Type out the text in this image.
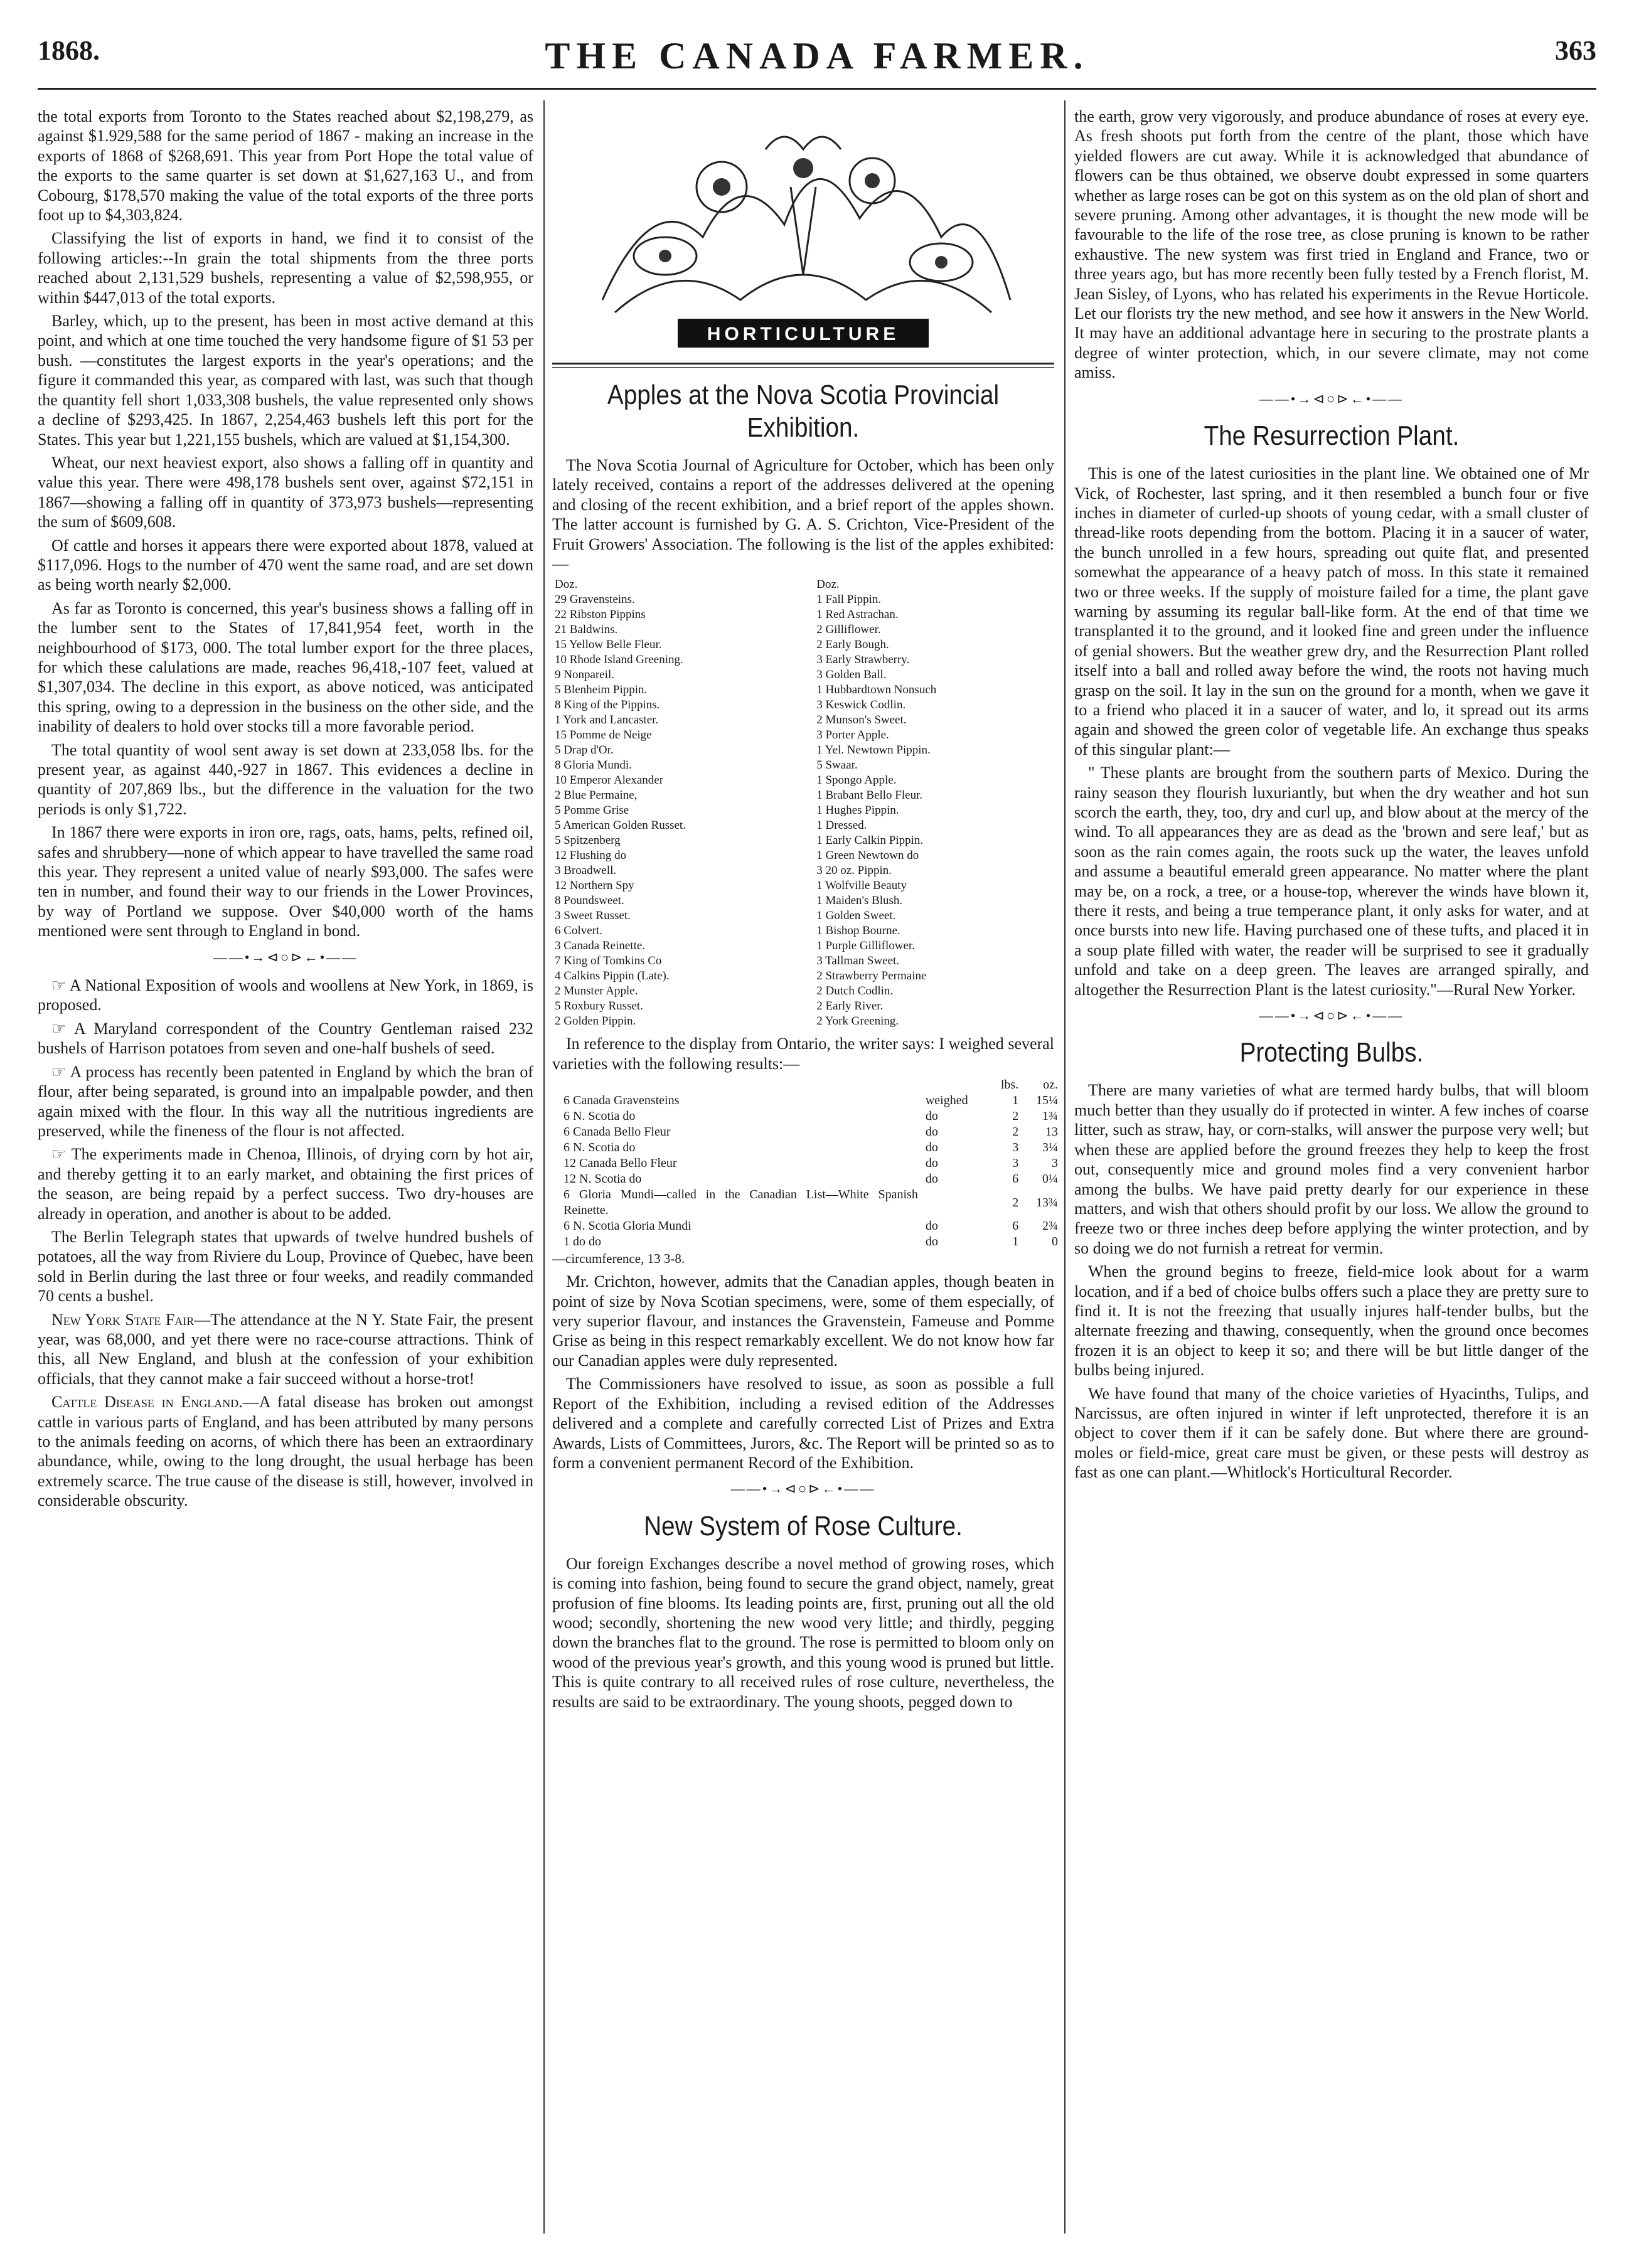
1868.	THE CANADA FARMER.	363

the total exports from Toronto to the States reached about $2,198,279, as against $1.929,588 for the same period of 1867 - making an increase in the exports of 1868 of $268,691. This year from Port Hope the total value of the exports to the same quarter is set down at $1,627,163 U., and from Cobourg, $178,570 making the value of the total exports of the three ports foot up to $4,303,824.

Classifying the list of exports in hand, we find it to consist of the following articles:--In grain the total shipments from the three ports reached about 2,131,529 bushels, representing a value of $2,598,955, or within $447,013 of the total exports.

Barley, which, up to the present, has been in most active demand at this point, and which at one time touched the very handsome figure of $1 53 per bush. —constitutes the largest exports in the year's operations; and the figure it commanded this year, as compared with last, was such that though the quantity fell short 1,033,308 bushels, the value represented only shows a decline of $293,425. In 1867, 2,254,463 bushels left this port for the States. This year but 1,221,155 bushels, which are valued at $1,154,300.

Wheat, our next heaviest export, also shows a falling off in quantity and value this year. There were 498,178 bushels sent over, against $72,151 in 1867—showing a falling off in quantity of 373,973 bushels—representing the sum of $609,608.

Of cattle and horses it appears there were exported about 1878, valued at $117,096. Hogs to the number of 470 went the same road, and are set down as being worth nearly $2,000.

As far as Toronto is concerned, this year's business shows a falling off in the lumber sent to the States of 17,841,954 feet, worth in the neighbourhood of $173, 000. The total lumber export for the three places, for which these calulations are made, reaches 96,418,-107 feet, valued at $1,307,034. The decline in this export, as above noticed, was anticipated this spring, owing to a depression in the business on the other side, and the inability of dealers to hold over stocks till a more favorable period.

The total quantity of wool sent away is set down at 233,058 lbs. for the present year, as against 440,-927 in 1867. This evidences a decline in quantity of 207,869 lbs., but the difference in the valuation for the two periods is only $1,722.

In 1867 there were exports in iron ore, rags, oats, hams, pelts, refined oil, safes and shrubbery—none of which appear to have travelled the same road this year. They represent a united value of nearly $93,000. The safes were ten in number, and found their way to our friends in the Lower Provinces, by way of Portland we suppose. Over $40,000 worth of the hams mentioned were sent through to England in bond.

——•→⊲○⊳←•——

☞ A National Exposition of wools and woollens at New York, in 1869, is proposed.

☞ A Maryland correspondent of the Country Gentleman raised 232 bushels of Harrison potatoes from seven and one-half bushels of seed.

☞ A process has recently been patented in England by which the bran of flour, after being separated, is ground into an impalpable powder, and then again mixed with the flour. In this way all the nutritious ingredients are preserved, while the fineness of the flour is not affected.

☞ The experiments made in Chenoa, Illinois, of drying corn by hot air, and thereby getting it to an early market, and obtaining the first prices of the season, are being repaid by a perfect success. Two dry-houses are already in operation, and another is about to be added.

The Berlin Telegraph states that upwards of twelve hundred bushels of potatoes, all the way from Riviere du Loup, Province of Quebec, have been sold in Berlin during the last three or four weeks, and readily commanded 70 cents a bushel.

New York State Fair—The attendance at the N Y. State Fair, the present year, was 68,000, and yet there were no race-course attractions. Think of this, all New England, and blush at the confession of your exhibition officials, that they cannot make a fair succeed without a horse-trot!

Cattle Disease in England.—A fatal disease has broken out amongst cattle in various parts of England, and has been attributed by many persons to the animals feeding on acorns, of which there has been an extraordinary abundance, while, owing to the long drought, the usual herbage has been extremely scarce. The true cause of the disease is still, however, involved in considerable obscurity.

HORTICULTURE
Apples at the Nova Scotia Provincial Exhibition.

The Nova Scotia Journal of Agriculture for October, which has been only lately received, contains a report of the addresses delivered at the opening and closing of the recent exhibition, and a brief report of the apples shown. The latter account is furnished by G. A. S. Crichton, Vice-President of the Fruit Growers' Association. The following is the list of the apples exhibited:—

Doz.	Doz.
29 Gravensteins.	1 Fall Pippin.
22 Ribston Pippins	1 Red Astrachan.
21 Baldwins.	2 Gilliflower.
15 Yellow Belle Fleur.	2 Early Bough.
10 Rhode Island Greening.	3 Early Strawberry.
9 Nonpareil.	3 Golden Ball.
5 Blenheim Pippin.	1 Hubbardtown Nonsuch
8 King of the Pippins.	3 Keswick Codlin.
1 York and Lancaster.	2 Munson's Sweet.
15 Pomme de Neige	3 Porter Apple.
5 Drap d'Or.	1 Yel. Newtown Pippin.
8 Gloria Mundi.	5 Swaar.
10 Emperor Alexander	1 Spongo Apple.
2 Blue Permaine,	1 Brabant Bello Fleur.
5 Pomme Grise	1 Hughes Pippin.
5 American Golden Russet.	1 Dressed.
5 Spitzenberg	1 Early Calkin Pippin.
12 Flushing do	1 Green Newtown do
3 Broadwell.	3 20 oz. Pippin.
12 Northern Spy	1 Wolfville Beauty
8 Poundsweet.	1 Maiden's Blush.
3 Sweet Russet.	1 Golden Sweet.
6 Colvert.	1 Bishop Bourne.
3 Canada Reinette.	1 Purple Gilliflower.
7 King of Tomkins Co	3 Tallman Sweet.
4 Calkins Pippin (Late).	2 Strawberry Permaine
2 Munster Apple.	2 Dutch Codlin.
5 Roxbury Russet.	2 Early River.
2 Golden Pippin.	2 York Greening.

In reference to the display from Ontario, the writer says: I weighed several varieties with the following results:—

		lbs.	oz.
6 Canada Gravensteins	weighed	1	15¼
6 N. Scotia do	do	2	1¾
6 Canada Bello Fleur	do	2	13
6 N. Scotia do	do	3	3¼
12 Canada Bello Fleur	do	3	3
12 N. Scotia do	do	6	0¼
6 Gloria Mundi—called in the Canadian List—White Spanish Reinette.		2	13¾
6 N. Scotia Gloria Mundi	do	6	2¾
1 do do	do	1	0
—circumference, 13 3-8.

Mr. Crichton, however, admits that the Canadian apples, though beaten in point of size by Nova Scotian specimens, were, some of them especially, of very superior flavour, and instances the Gravenstein, Fameuse and Pomme Grise as being in this respect remarkably excellent. We do not know how far our Canadian apples were duly represented.

The Commissioners have resolved to issue, as soon as possible a full Report of the Exhibition, including a revised edition of the Addresses delivered and a complete and carefully corrected List of Prizes and Extra Awards, Lists of Committees, Jurors, &c. The Report will be printed so as to form a convenient permanent Record of the Exhibition.

——•→⊲○⊳←•——
New System of Rose Culture.

Our foreign Exchanges describe a novel method of growing roses, which is coming into fashion, being found to secure the grand object, namely, great profusion of fine blooms. Its leading points are, first, pruning out all the old wood; secondly, shortening the new wood very little; and thirdly, pegging down the branches flat to the ground. The rose is permitted to bloom only on wood of the previous year's growth, and this young wood is pruned but little. This is quite contrary to all received rules of rose culture, nevertheless, the results are said to be extraordinary. The young shoots, pegged down to

the earth, grow very vigorously, and produce abundance of roses at every eye. As fresh shoots put forth from the centre of the plant, those which have yielded flowers are cut away. While it is acknowledged that abundance of flowers can be thus obtained, we observe doubt expressed in some quarters whether as large roses can be got on this system as on the old plan of short and severe pruning. Among other advantages, it is thought the new mode will be favourable to the life of the rose tree, as close pruning is known to be rather exhaustive. The new system was first tried in England and France, two or three years ago, but has more recently been fully tested by a French florist, M. Jean Sisley, of Lyons, who has related his experiments in the Revue Horticole. Let our florists try the new method, and see how it answers in the New World. It may have an additional advantage here in securing to the prostrate plants a degree of winter protection, which, in our severe climate, may not come amiss.

——•→⊲○⊳←•——
The Resurrection Plant.

This is one of the latest curiosities in the plant line. We obtained one of Mr Vick, of Rochester, last spring, and it then resembled a bunch four or five inches in diameter of curled-up shoots of young cedar, with a small cluster of thread-like roots depending from the bottom. Placing it in a saucer of water, the bunch unrolled in a few hours, spreading out quite flat, and presented somewhat the appearance of a heavy patch of moss. In this state it remained two or three weeks. If the supply of moisture failed for a time, the plant gave warning by assuming its regular ball-like form. At the end of that time we transplanted it to the ground, and it looked fine and green under the influence of genial showers. But the weather grew dry, and the Resurrection Plant rolled itself into a ball and rolled away before the wind, the roots not having much grasp on the soil. It lay in the sun on the ground for a month, when we gave it to a friend who placed it in a saucer of water, and lo, it spread out its arms again and showed the green color of vegetable life. An exchange thus speaks of this singular plant:—

" These plants are brought from the southern parts of Mexico. During the rainy season they flourish luxuriantly, but when the dry weather and hot sun scorch the earth, they, too, dry and curl up, and blow about at the mercy of the wind. To all appearances they are as dead as the 'brown and sere leaf,' but as soon as the rain comes again, the roots suck up the water, the leaves unfold and assume a beautiful emerald green appearance. No matter where the plant may be, on a rock, a tree, or a house-top, wherever the winds have blown it, there it rests, and being a true temperance plant, it only asks for water, and at once bursts into new life. Having purchased one of these tufts, and placed it in a soup plate filled with water, the reader will be surprised to see it gradually unfold and take on a deep green. The leaves are arranged spirally, and altogether the Resurrection Plant is the latest curiosity."—Rural New Yorker.

——•→⊲○⊳←•——
Protecting Bulbs.

There are many varieties of what are termed hardy bulbs, that will bloom much better than they usually do if protected in winter. A few inches of coarse litter, such as straw, hay, or corn-stalks, will answer the purpose very well; but when these are applied before the ground freezes they help to keep the frost out, consequently mice and ground moles find a very convenient harbor among the bulbs. We have paid pretty dearly for our experience in these matters, and wish that others should profit by our loss. We allow the ground to freeze two or three inches deep before applying the winter protection, and by so doing we do not furnish a retreat for vermin.

When the ground begins to freeze, field-mice look about for a warm location, and if a bed of choice bulbs offers such a place they are pretty sure to find it. It is not the freezing that usually injures half-tender bulbs, but the alternate freezing and thawing, consequently, when the ground once becomes frozen it is an object to keep it so; and there will be but little danger of the bulbs being injured.

We have found that many of the choice varieties of Hyacinths, Tulips, and Narcissus, are often injured in winter if left unprotected, therefore it is an object to cover them if it can be safely done. But where there are ground-moles or field-mice, great care must be given, or these pests will destroy as fast as one can plant.—Whitlock's Horticultural Recorder.
